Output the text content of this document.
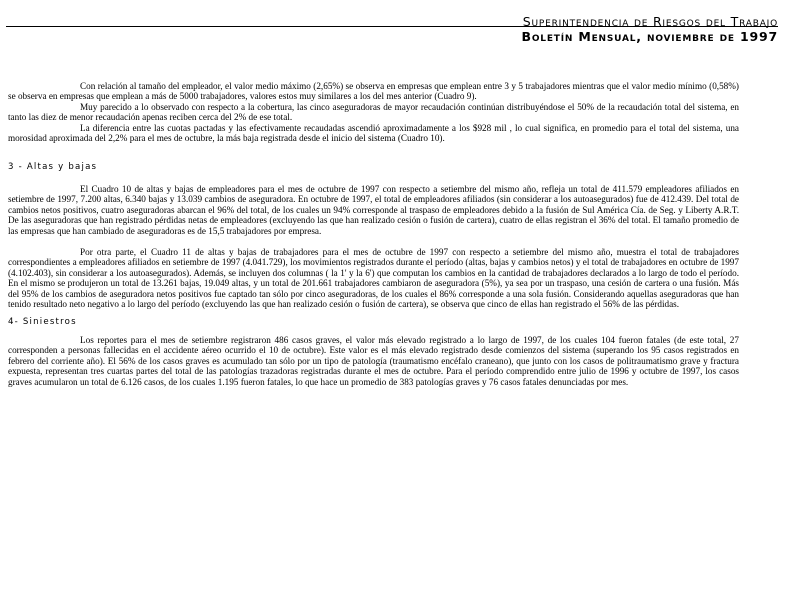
Superintendencia de Riesgos del Trabajo
Boletín Mensual, noviembre de 1997

Con relación al tamaño del empleador, el valor medio máximo (2,65%) se observa en empresas que emplean entre 3 y 5 trabajadores mientras que el valor medio mínimo (0,58%) se observa en empresas que emplean a más de 5000 trabajadores, valores estos muy similares a los del mes anterior (Cuadro 9).

Muy parecido a lo observado con respecto a la cobertura, las cinco aseguradoras de mayor recaudación continúan distribuyéndose el 50% de la recaudación total del sistema, en tanto las diez de menor recaudación apenas reciben cerca del 2% de ese total.

La diferencia entre las cuotas pactadas y las efectivamente recaudadas ascendió aproximadamente a los $928 mil , lo cual significa, en promedio para el total del sistema, una morosidad aproximada del 2,2% para el mes de octubre, la más baja registrada desde el inicio del sistema (Cuadro 10).

3 - Altas y bajas

El Cuadro 10 de altas y bajas de empleadores para el mes de octubre de 1997 con respecto a setiembre del mismo año, refleja un total de 411.579 empleadores afiliados en setiembre de 1997, 7.200 altas, 6.340 bajas y 13.039 cambios de aseguradora. En octubre de 1997, el total de empleadores afiliados (sin considerar a los autoasegurados) fue de 412.439. Del total de cambios netos positivos, cuatro aseguradoras abarcan el 96% del total, de los cuales un 94% corresponde al traspaso de empleadores debido a la fusión de Sul América Cía. de Seg. y Liberty A.R.T. De las aseguradoras que han registrado pérdidas netas de empleadores (excluyendo las que han realizado cesión o fusión de cartera), cuatro de ellas registran el 36% del total. El tamaño promedio de las empresas que han cambiado de aseguradoras es de 15,5 trabajadores por empresa.

Por otra parte, el Cuadro 11 de altas y bajas de trabajadores para el mes de octubre de 1997 con respecto a setiembre del mismo año, muestra el total de trabajadores correspondientes a empleadores afiliados en setiembre de 1997 (4.041.729), los movimientos registrados durante el período (altas, bajas y cambios netos) y el total de trabajadores en octubre de 1997 (4.102.403), sin considerar a los autoasegurados). Además, se incluyen dos columnas ( la 1' y la 6') que computan los cambios en la cantidad de trabajadores declarados a lo largo de todo el período. En el mismo se produjeron un total de 13.261 bajas, 19.049 altas, y un total de 201.661 trabajadores cambiaron de aseguradora (5%), ya sea por un traspaso, una cesión de cartera o una fusión. Más del 95% de los cambios de aseguradora netos positivos fue captado tan sólo por cinco aseguradoras, de los cuales el 86% corresponde a una sola fusión. Considerando aquellas aseguradoras que han tenido resultado neto negativo a lo largo del período (excluyendo las que han realizado cesión o fusión de cartera), se observa que cinco de ellas han registrado el 56% de las pérdidas.

4- Siniestros

Los reportes para el mes de setiembre registraron 486 casos graves, el valor más elevado registrado a lo largo de 1997, de los cuales 104 fueron fatales (de este total, 27 corresponden a personas fallecidas en el accidente aéreo ocurrido el 10 de octubre). Este valor es el más elevado registrado desde comienzos del sistema (superando los 95 casos registrados en febrero del corriente año). El 56% de los casos graves es acumulado tan sólo por un tipo de patología (traumatismo encéfalo craneano), que junto con los casos de politraumatismo grave y fractura expuesta, representan tres cuartas partes del total de las patologías trazadoras registradas durante el mes de octubre. Para el período comprendido entre julio de 1996 y octubre de 1997, los casos graves acumularon un total de 6.126 casos, de los cuales 1.195 fueron fatales, lo que hace un promedio de 383 patologías graves y 76 casos fatales denunciadas por mes.
